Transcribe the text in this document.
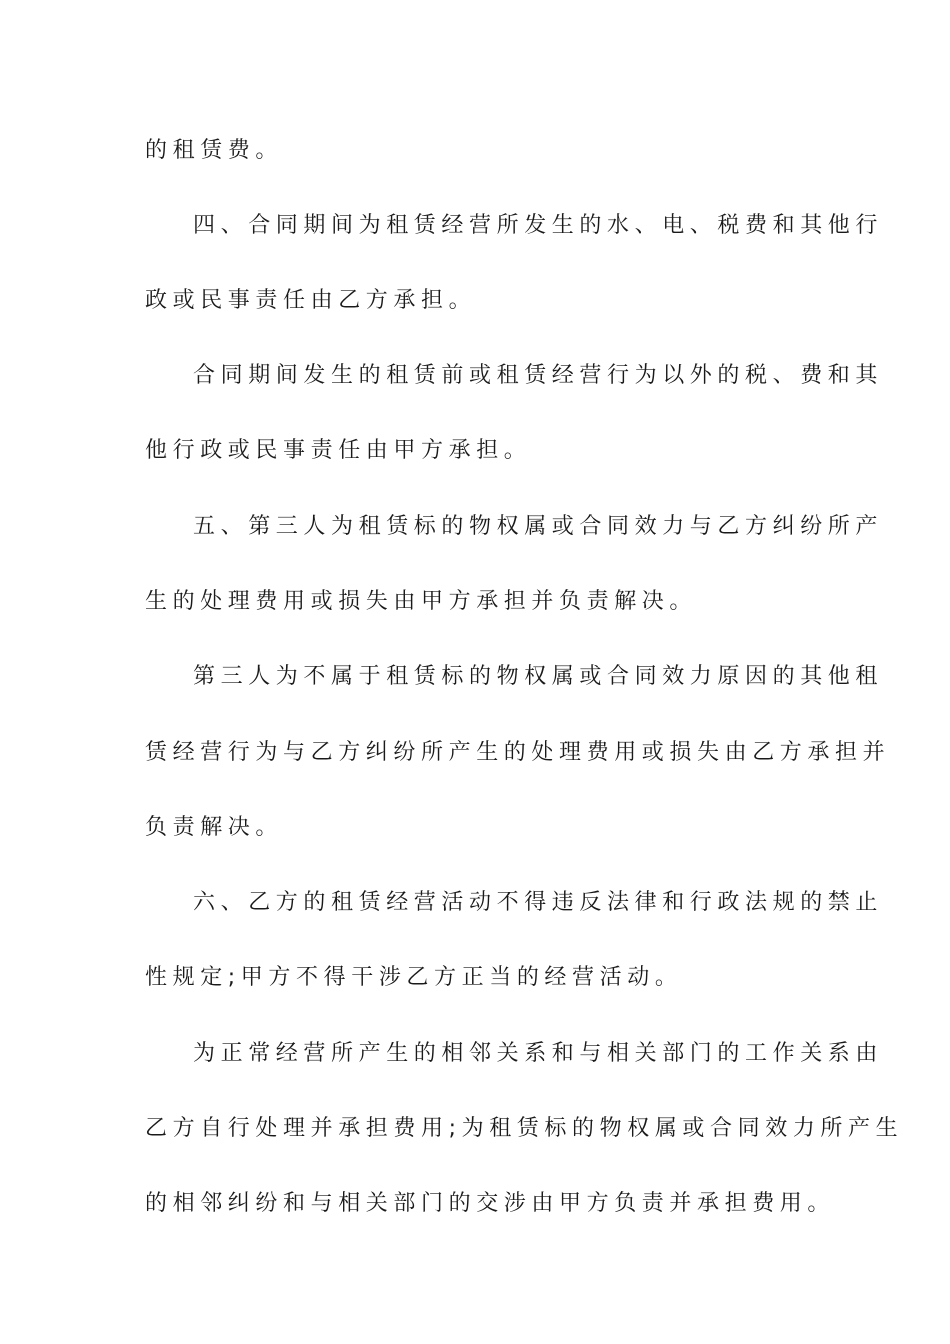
的租赁费。
四、合同期间为租赁经营所发生的水、电、税费和其他行
政或民事责任由乙方承担。
合同期间发生的租赁前或租赁经营行为以外的税、费和其
他行政或民事责任由甲方承担。
五、第三人为租赁标的物权属或合同效力与乙方纠纷所产
生的处理费用或损失由甲方承担并负责解决。
第三人为不属于租赁标的物权属或合同效力原因的其他租
赁经营行为与乙方纠纷所产生的处理费用或损失由乙方承担并
负责解决。
六、乙方的租赁经营活动不得违反法律和行政法规的禁止
性规定;甲方不得干涉乙方正当的经营活动。
为正常经营所产生的相邻关系和与相关部门的工作关系由
乙方自行处理并承担费用;为租赁标的物权属或合同效力所产生
的相邻纠纷和与相关部门的交涉由甲方负责并承担费用。
